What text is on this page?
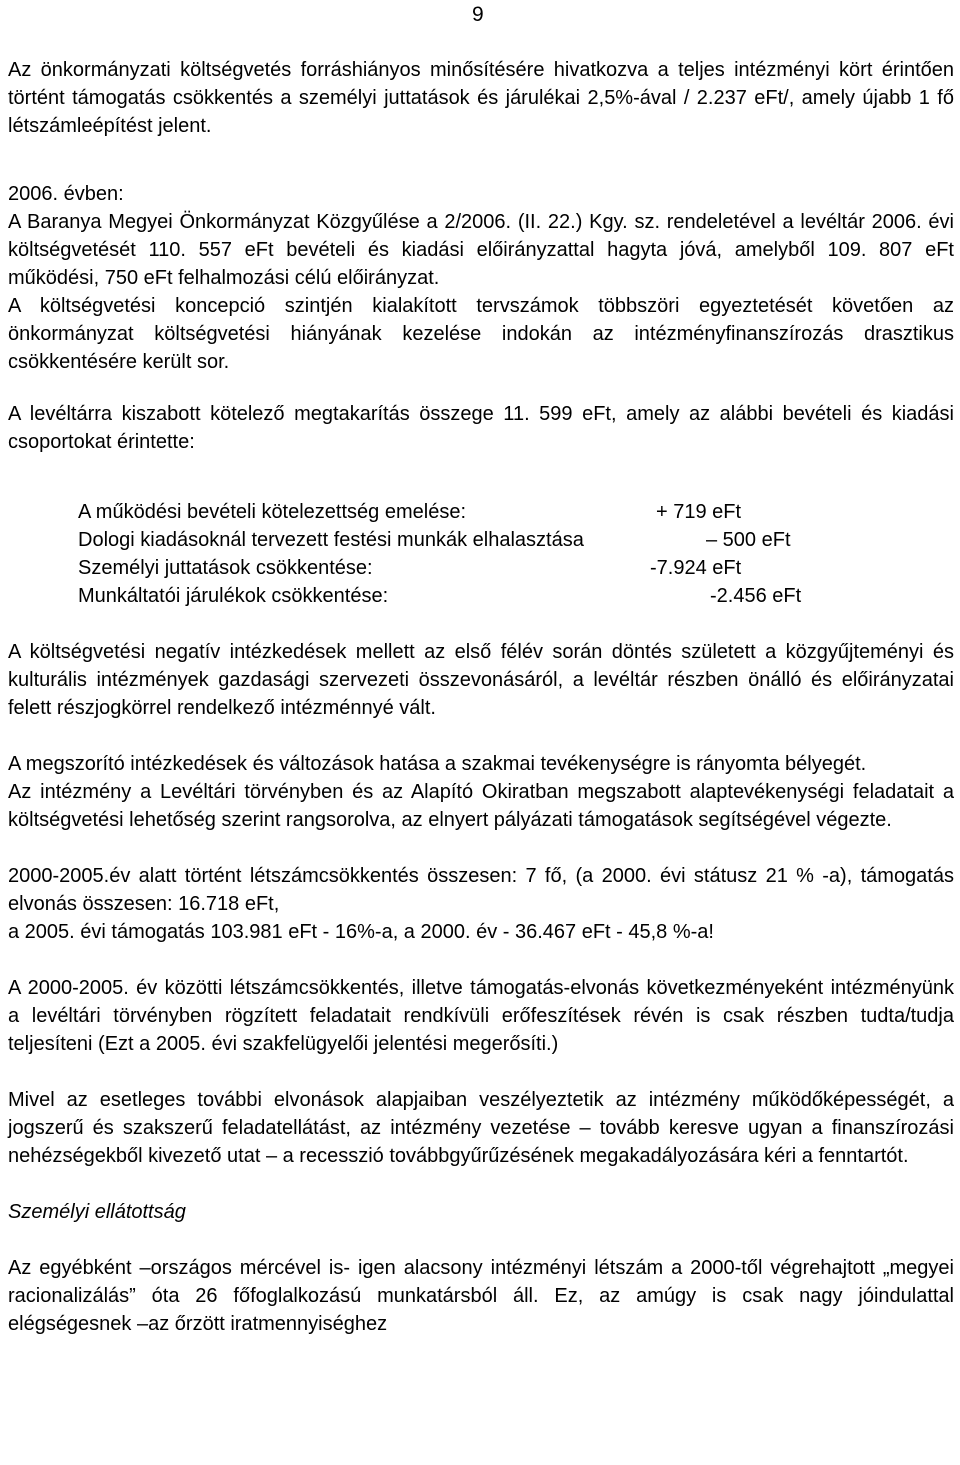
9

Az önkormányzati költségvetés forráshiányos minősítésére hivatkozva a teljes intézményi kört érintően történt támogatás csökkentés a személyi juttatások és járulékai 2,5%-ával / 2.237 eFt/, amely újabb 1 fő létszámleépítést jelent.

2006. évben:

A Baranya Megyei Önkormányzat Közgyűlése a 2/2006. (II. 22.) Kgy. sz. rendeletével a levéltár 2006. évi költségvetését 110. 557 eFt bevételi és kiadási előirányzattal hagyta jóvá, amelyből 109. 807 eFt működési, 750 eFt felhalmozási célú előirányzat.

A költségvetési koncepció szintjén kialakított tervszámok többszöri egyeztetését követően az önkormányzat költségvetési hiányának kezelése indokán az intézményfinanszírozás drasztikus csökkentésére került sor.

A levéltárra kiszabott kötelező megtakarítás összege 11. 599 eFt, amely az alábbi bevételi és kiadási csoportokat érintette:

A működési bevételi kötelezettség emelése:	+ 719 eFt
Dologi kiadásoknál tervezett festési munkák elhalasztása	– 500 eFt
Személyi juttatások csökkentése:	-7.924 eFt
Munkáltatói járulékok csökkentése:	-2.456 eFt

A költségvetési negatív intézkedések mellett az első félév során döntés született a közgyűjteményi és kulturális intézmények gazdasági szervezeti összevonásáról, a levéltár részben önálló és előirányzatai felett részjogkörrel rendelkező intézménnyé vált.

A megszorító intézkedések és változások hatása a szakmai tevékenységre is rányomta bélyegét.

Az intézmény a Levéltári törvényben és az Alapító Okiratban megszabott alaptevékenységi feladatait a költségvetési lehetőség szerint rangsorolva, az elnyert pályázati támogatások segítségével végezte.

2000-2005.év alatt történt létszámcsökkentés összesen: 7 fő, (a 2000. évi státusz 21 % -a), támogatás elvonás összesen: 16.718 eFt,

a 2005. évi támogatás 103.981 eFt - 16%-a, a 2000. év - 36.467 eFt - 45,8 %-a!

A 2000-2005. év közötti létszámcsökkentés, illetve támogatás-elvonás következményeként intézményünk a levéltári törvényben rögzített feladatait rendkívüli erőfeszítések révén is csak részben tudta/tudja teljesíteni (Ezt a 2005. évi szakfelügyelői jelentési megerősíti.)

Mivel az esetleges további elvonások alapjaiban veszélyeztetik az intézmény működőképességét, a jogszerű és szakszerű feladatellátást, az intézmény vezetése – tovább keresve ugyan a finanszírozási nehézségekből kivezető utat – a recesszió továbbgyűrűzésének megakadályozására kéri a fenntartót.

Személyi ellátottság

Az egyébként –országos mércével is- igen alacsony intézményi létszám a 2000-től végrehajtott „megyei racionalizálás” óta 26 főfoglalkozású munkatársból áll. Ez, az amúgy is csak nagy jóindulattal elégségesnek –az őrzött iratmennyiséghez
